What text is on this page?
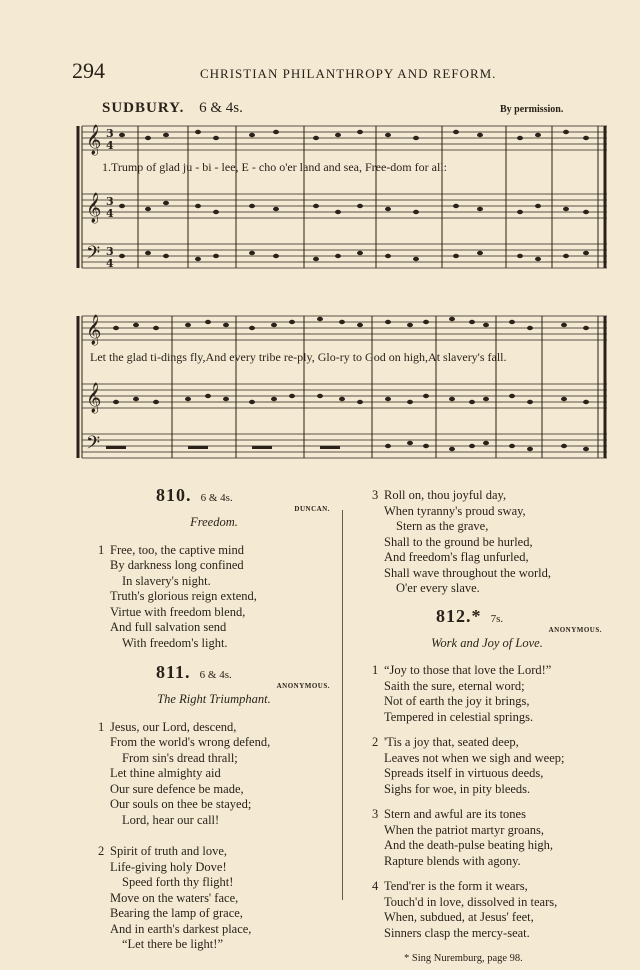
294	CHRISTIAN PHILANTHROPY AND REFORM.
SUDBURY. 6 & 4s.	By permission.
𝄞
𝄞
𝄢
3
4
3
4
3
4
1.Trump of glad ju - bi - lee, E - cho o'er land and sea, Free-dom for all:
𝄞
𝄞
𝄢
Let the glad ti-dings fly,And every tribe re-ply, Glo-ry to God on high,At slavery's fall.
810. 6 & 4s.
DUNCAN.
Freedom.
1 Free, too, the captive mind
By darkness long confined
In slavery's night.
Truth's glorious reign extend,
Virtue with freedom blend,
And full salvation send
With freedom's light.
811. 6 & 4s.
ANONYMOUS.
The Right Triumphant.
1 Jesus, our Lord, descend,
From the world's wrong defend,
From sin's dread thrall;
Let thine almighty aid
Our sure defence be made,
Our souls on thee be stayed;
Lord, hear our call!
2 Spirit of truth and love,
Life-giving holy Dove!
Speed forth thy flight!
Move on the waters' face,
Bearing the lamp of grace,
And in earth's darkest place,
“Let there be light!”
3 Roll on, thou joyful day,
When tyranny's proud sway,
Stern as the grave,
Shall to the ground be hurled,
And freedom's flag unfurled,
Shall wave throughout the world,
O'er every slave.
812.* 7s.
ANONYMOUS.
Work and Joy of Love.
1 “Joy to those that love the Lord!”
Saith the sure, eternal word;
Not of earth the joy it brings,
Tempered in celestial springs.
2 'Tis a joy that, seated deep,
Leaves not when we sigh and weep;
Spreads itself in virtuous deeds,
Sighs for woe, in pity bleeds.
3 Stern and awful are its tones
When the patriot martyr groans,
And the death-pulse beating high,
Rapture blends with agony.
4 Tend'rer is the form it wears,
Touch'd in love, dissolved in tears,
When, subdued, at Jesus' feet,
Sinners clasp the mercy-seat.
* Sing Nuremburg, page 98.
